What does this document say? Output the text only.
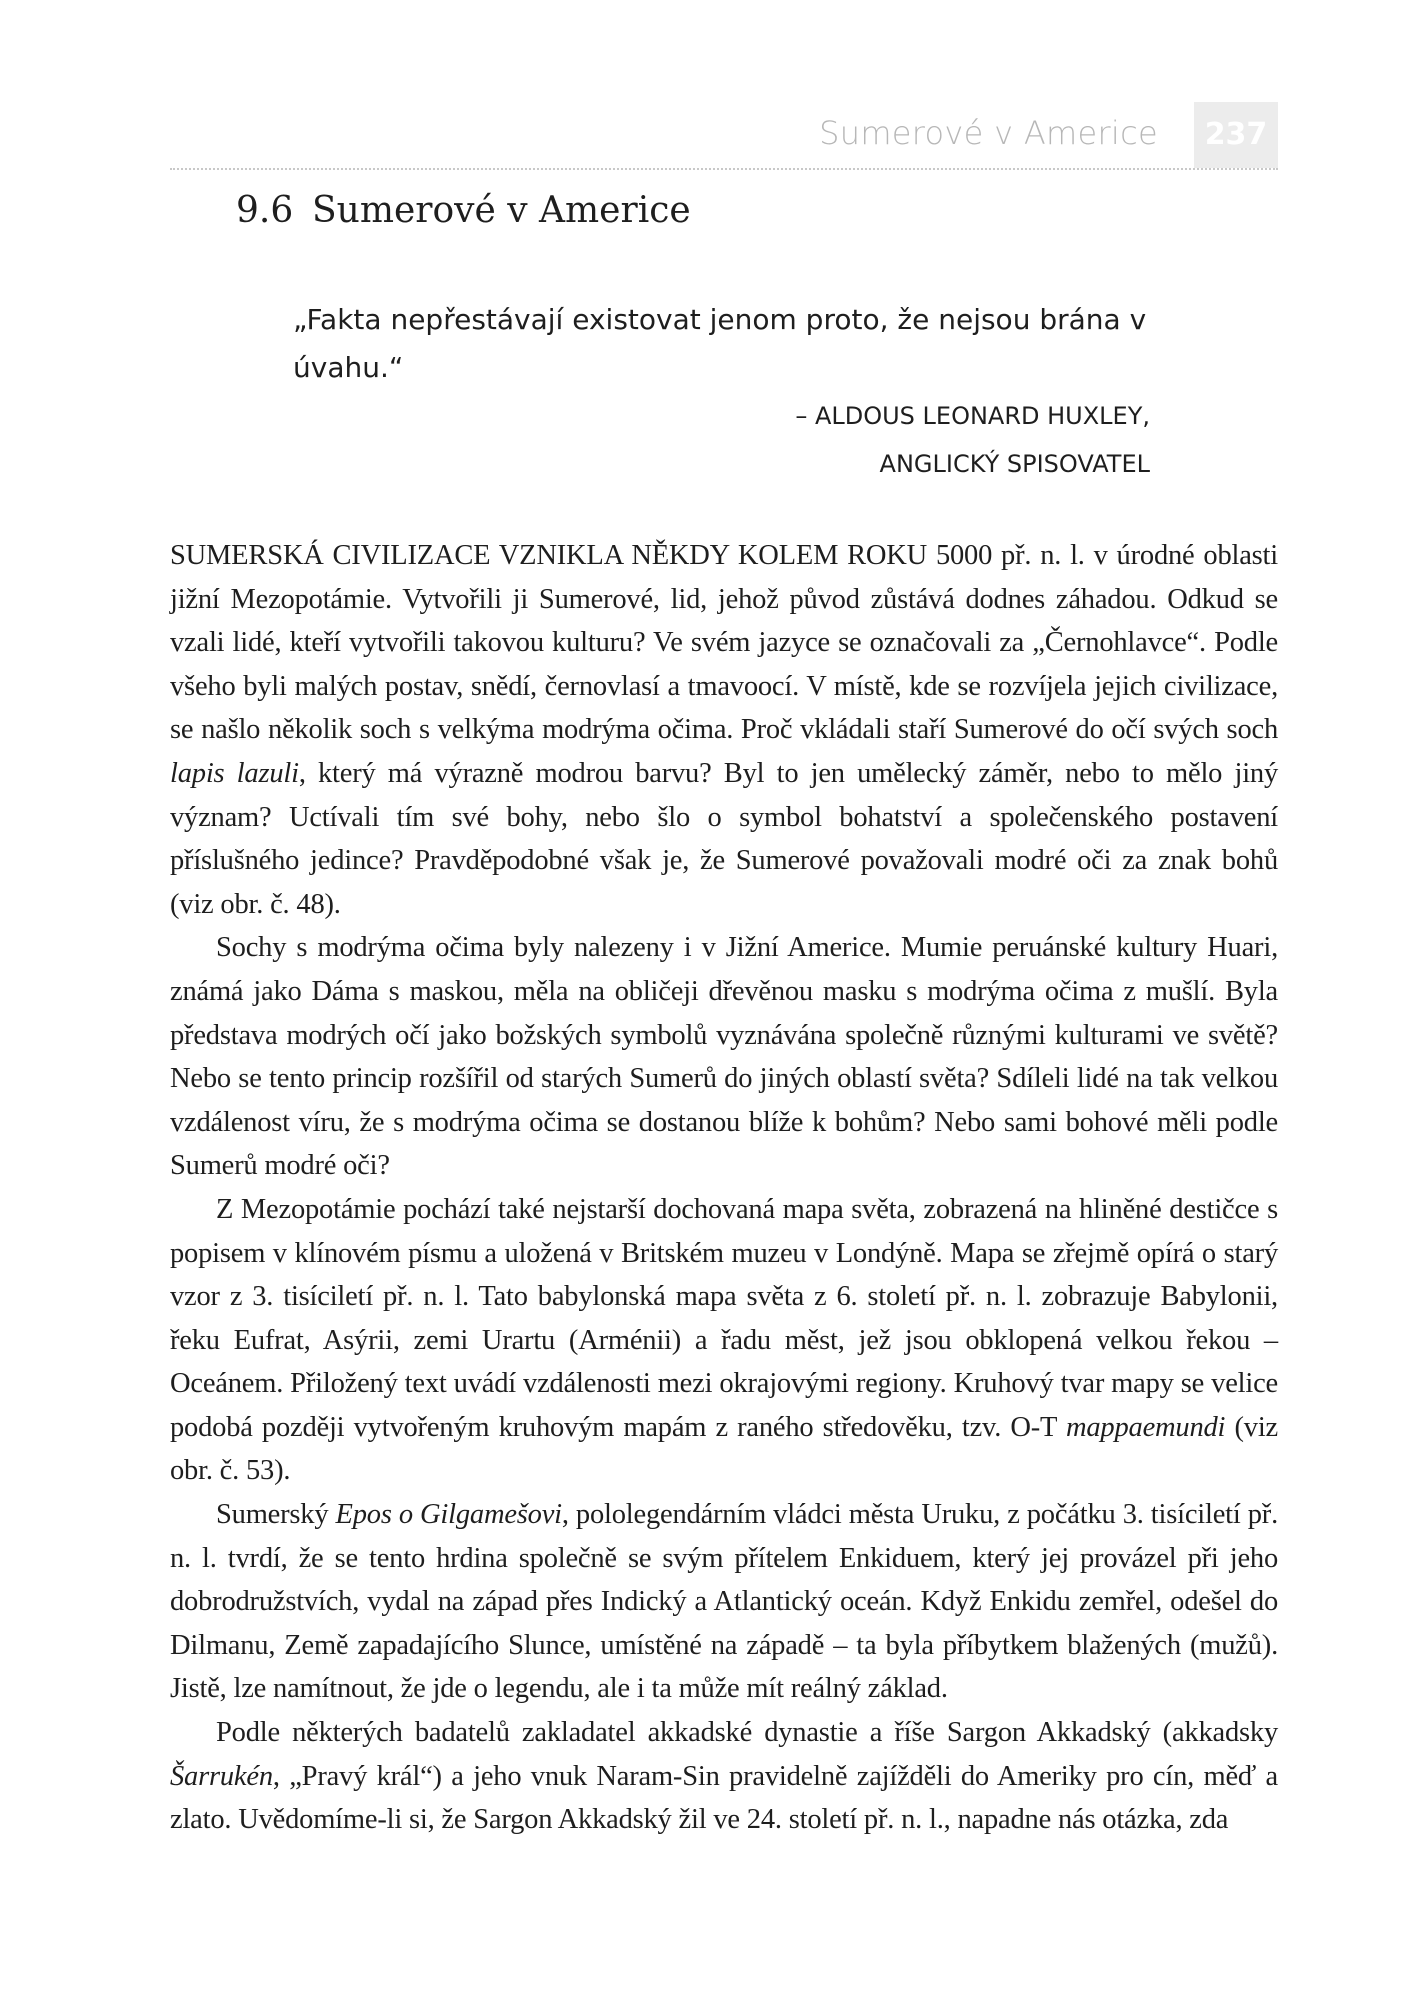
Sumerové v Americe	237
9.6 Sumerové v Americe
„Fakta nepřestávají existovat jenom proto, že nejsou brána v úvahu.“
– ALDOUS LEONARD HUXLEY,
ANGLICKÝ SPISOVATEL

SUMERSKÁ CIVILIZACE VZNIKLA NĚKDY KOLEM ROKU 5000 př. n. l. v úrodné oblasti jižní Mezopotámie. Vytvořili ji Sumerové, lid, jehož původ zůstává dodnes záhadou. Odkud se vzali lidé, kteří vytvořili takovou kulturu? Ve svém jazyce se označovali za „Černohlavce“. Podle všeho byli malých postav, snědí, černovlasí a tmavoocí. V místě, kde se rozvíjela jejich civilizace, se našlo několik soch s velkýma modrýma očima. Proč vkládali staří Sumerové do očí svých soch lapis lazuli, který má výrazně modrou barvu? Byl to jen umělecký záměr, nebo to mělo jiný význam? Uctívali tím své bohy, nebo šlo o symbol bohatství a společenského postavení příslušného jedince? Pravděpodobné však je, že Sumerové považovali modré oči za znak bohů (viz obr. č. 48).

Sochy s modrýma očima byly nalezeny i v Jižní Americe. Mumie peruánské kultury Huari, známá jako Dáma s maskou, měla na obličeji dřevěnou masku s modrýma očima z mušlí. Byla představa modrých očí jako božských symbolů vyznávána společně různými kulturami ve světě? Nebo se tento princip rozšířil od starých Sumerů do jiných oblastí světa? Sdíleli lidé na tak velkou vzdálenost víru, že s modrýma očima se dostanou blíže k bohům? Nebo sami bohové měli podle Sumerů modré oči?

Z Mezopotámie pochází také nejstarší dochovaná mapa světa, zobrazená na hliněné destičce s popisem v klínovém písmu a uložená v Britském muzeu v Londýně. Mapa se zřejmě opírá o starý vzor z 3. tisíciletí př. n. l. Tato babylonská mapa světa z 6. století př. n. l. zobrazuje Babylonii, řeku Eufrat, Asýrii, zemi Urartu (Arménii) a řadu měst, jež jsou obklopená velkou řekou – Oceánem. Přiložený text uvádí vzdálenosti mezi okrajovými regiony. Kruhový tvar mapy se velice podobá později vytvořeným kruhovým mapám z raného středověku, tzv. O-T mappaemundi (viz obr. č. 53).

Sumerský Epos o Gilgamešovi, pololegendárním vládci města Uruku, z počátku 3. tisíciletí př. n. l. tvrdí, že se tento hrdina společně se svým přítelem Enkiduem, který jej provázel při jeho dobrodružstvích, vydal na západ přes Indický a Atlantický oceán. Když Enkidu zemřel, odešel do Dilmanu, Země zapadajícího Slunce, umístěné na západě – ta byla příbytkem blažených (mužů). Jistě, lze namítnout, že jde o legendu, ale i ta může mít reálný základ.

Podle některých badatelů zakladatel akkadské dynastie a říše Sargon Akkadský (akkadsky Šarrukén, „Pravý král“) a jeho vnuk Naram-Sin pravidelně zajížděli do Ameriky pro cín, měď a zlato. Uvědomíme-li si, že Sargon Akkadský žil ve 24. století př. n. l., napadne nás otázka, zda
